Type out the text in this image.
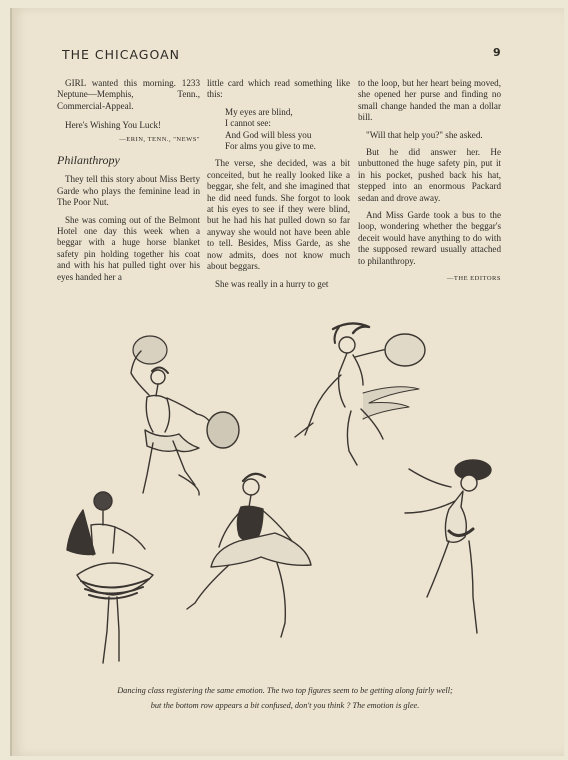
THE CHICAGOAN	9

GIRL wanted this morning. 1233 Neptune—Memphis, Tenn., Commercial-Appeal.

Here's Wishing You Luck!

—ERIN, TENN., "NEWS"
Philanthropy

They tell this story about Miss Berty Garde who plays the feminine lead in The Poor Nut.

She was coming out of the Belmont Hotel one day this week when a beggar with a huge horse blanket safety pin holding together his coat and with his hat pulled tight over his eyes handed her a

little card which read something like this:

My eyes are blind,
I cannot see:
And God will bless you
For alms you give to me.

The verse, she decided, was a bit conceited, but he really looked like a beggar, she felt, and she imagined that he did need funds. She forgot to look at his eyes to see if they were blind, but he had his hat pulled down so far anyway she would not have been able to tell. Besides, Miss Garde, as she now admits, does not know much about beggars.

She was really in a hurry to get

to the loop, but her heart being moved, she opened her purse and finding no small change handed the man a dollar bill.

"Will that help you?" she asked.

But he did answer her. He unbuttoned the huge safety pin, put it in his pocket, pushed back his hat, stepped into an enormous Packard sedan and drove away.

And Miss Garde took a bus to the loop, wondering whether the beggar's deceit would have anything to do with the supposed reward usually attached to philanthropy.

—THE EDITORS
Dancing class registering the same emotion. The two top figures seem to be getting along fairly well;
but the bottom row appears a bit confused, don't you think ? The emotion is glee.
